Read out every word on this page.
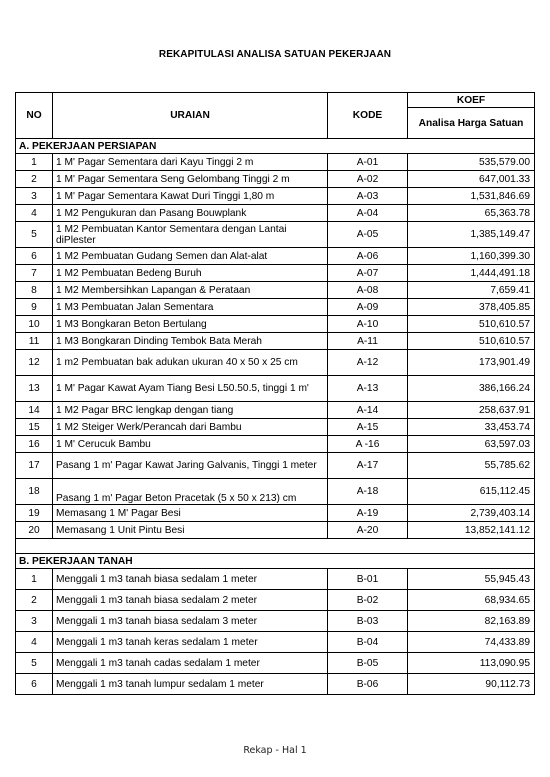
REKAPITULASI ANALISA SATUAN PEKERJAAN
NO	URAIAN	KODE	KOEF
			Analisa Harga Satuan
A. PEKERJAAN PERSIAPAN			
1	1 M' Pagar Sementara dari Kayu Tinggi 2 m	A-01	535,579.00
2	1 M' Pagar Sementara Seng Gelombang Tinggi 2 m	A-02	647,001.33
3	1 M' Pagar Sementara Kawat Duri Tinggi 1,80 m	A-03	1,531,846.69
4	1 M2 Pengukuran dan Pasang Bouwplank	A-04	65,363.78
5	1 M2 Pembuatan Kantor Sementara dengan Lantai diPlester	A-05	1,385,149.47
6	1 M2 Pembuatan Gudang Semen dan Alat-alat	A-06	1,160,399.30
7	1 M2 Pembuatan Bedeng Buruh	A-07	1,444,491.18
8	1 M2 Membersihkan Lapangan & Perataan	A-08	7,659.41
9	1 M3 Pembuatan Jalan Sementara	A-09	378,405.85
10	1 M3 Bongkaran Beton Bertulang	A-10	510,610.57
11	1 M3 Bongkaran Dinding Tembok Bata Merah	A-11	510,610.57
12	1 m2 Pembuatan bak adukan ukuran 40 x 50 x 25 cm	A-12	173,901.49
13	1 M' Pagar Kawat Ayam Tiang Besi L50.50.5, tinggi 1 m'	A-13	386,166.24
14	1 M2 Pagar BRC lengkap dengan tiang	A-14	258,637.91
15	1 M2 Steiger Werk/Perancah dari Bambu	A-15	33,453.74
16	1 M' Cerucuk Bambu	A -16	63,597.03
17	Pasang 1 m' Pagar Kawat Jaring Galvanis, Tinggi 1 meter	A-17	55,785.62
18	Pasang 1 m' Pagar Beton Pracetak (5 x 50 x 213) cm	A-18	615,112.45
19	Memasang 1 M' Pagar Besi	A-19	2,739,403.14
20	Memasang 1 Unit Pintu Besi	A-20	13,852,141.12

B. PEKERJAAN TANAH			
1	Menggali 1 m3 tanah biasa sedalam 1 meter	B-01	55,945.43
2	Menggali 1 m3 tanah biasa sedalam 2 meter	B-02	68,934.65
3	Menggali 1 m3 tanah biasa sedalam 3 meter	B-03	82,163.89
4	Menggali 1 m3 tanah keras sedalam 1 meter	B-04	74,433.89
5	Menggali 1 m3 tanah cadas sedalam 1 meter	B-05	113,090.95
6	Menggali 1 m3 tanah lumpur sedalam 1 meter	B-06	90,112.73
Rekap - Hal 1
